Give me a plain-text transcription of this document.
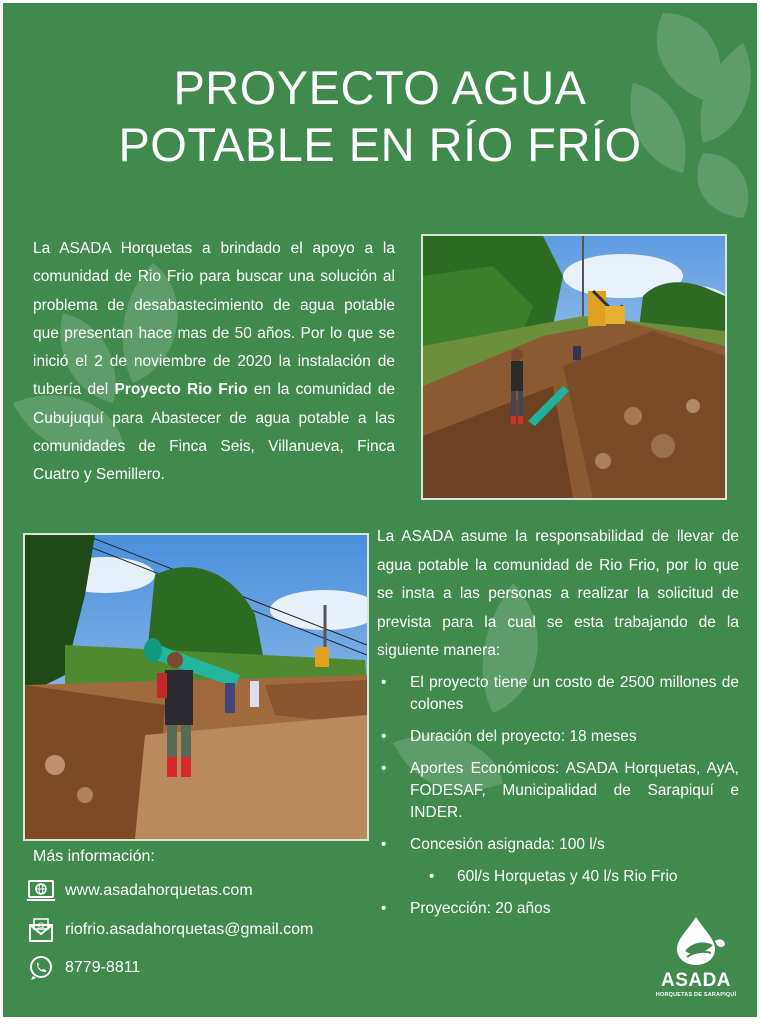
PROYECTO AGUA
POTABLE EN RÍO FRÍO
La ASADA Horquetas a brindado el apoyo a la comunidad de Rio Frio para buscar una solución al problema de desabastecimiento de agua potable que presentan hace mas de 50 años. Por lo que se inició el 2 de noviembre de 2020 la instalación de tubería del Proyecto Rio Frio en la comunidad de Cubujuquí para Abastecer de agua potable a las comunidades de Finca Seis, Villanueva, Finca Cuatro y Semillero.

La ASADA asume la responsabilidad de llevar de agua potable la comunidad de Rio Frio, por lo que se insta a las personas a realizar la solicitud de prevista para la cual se esta trabajando de la siguiente manera:

• El proyecto tiene un costo de 2500 millones de colones
• Duración del proyecto: 18 meses
• Aportes Económicos: ASADA Horquetas, AyA, FODESAF, Municipalidad de Sarapiquí e INDER.
• Concesión asignada: 100 l/s
• 60l/s Horquetas y 40 l/s Rio Frio
• Proyección: 20 años
Más información:
www.asadahorquetas.com
@ riofrio.asadahorquetas@gmail.com
8779-8811
ASADA
HORQUETAS DE SARAPIQUÍ
